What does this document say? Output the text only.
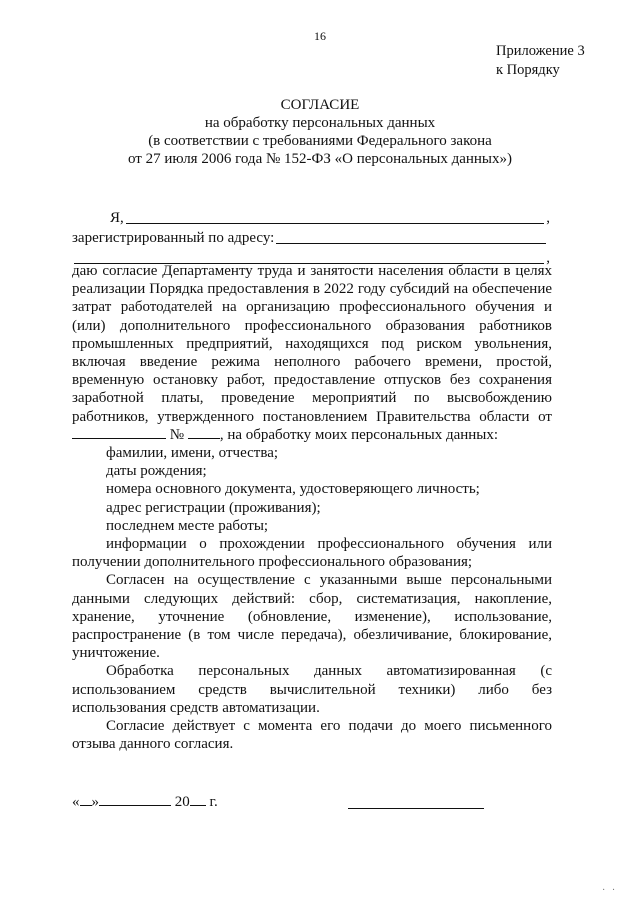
16
Приложение 3
к Порядку
СОГЛАСИЕ
на обработку персональных данных
(в соответствии с требованиями Федерального закона
от 27 июля 2006 года № 152-ФЗ «О персональных данных»)
Я,	,
зарегистрированный по адресу:
,

даю согласие Департаменту труда и занятости населения области в целях реализации Порядка предоставления в 2022 году субсидий на обеспечение затрат работодателей на организацию профессионального обучения и (или) дополнительного профессионального образования работников промышленных предприятий, находящихся под риском увольнения, включая введение режима неполного рабочего времени, простой, временную остановку работ, предоставление отпусков без сохранения заработной платы, проведение мероприятий по высвобождению работников, утвержденного постановлением Правительства области от  № , на обработку моих персональных данных:

фамилии, имени, отчества;

даты рождения;

номера основного документа, удостоверяющего личность;

адрес регистрации (проживания);

последнем месте работы;

информации о прохождении профессионального обучения или получении дополнительного профессионального образования;

Согласен на осуществление с указанными выше персональными данными следующих действий: сбор, систематизация, накопление, хранение, уточнение (обновление, изменение), использование, распространение (в том числе передача), обезличивание, блокирование, уничтожение.

Обработка персональных данных автоматизированная (с использованием средств вычислительной техники) либо без использования средств автоматизации.

Согласие действует с момента его подачи до моего письменного отзыва данного согласия.

« »	20 г.
· ·
